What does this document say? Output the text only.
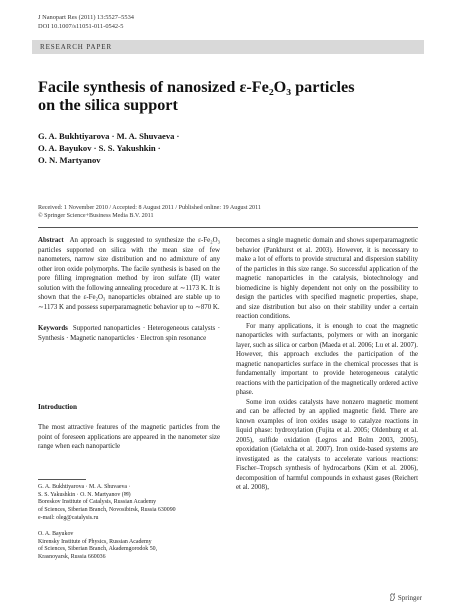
J Nanopart Res (2011) 13:5527–5534
DOI 10.1007/s11051-011-0542-5
RESEARCH PAPER
Facile synthesis of nanosized ε-Fe₂O₃ particles
on the silica support
G. A. Bukhtiyarova · M. A. Shuvaeva ·
O. A. Bayukov · S. S. Yakushkin ·
O. N. Martyanov
Received: 1 November 2010 / Accepted: 8 August 2011 / Published online: 19 August 2011
© Springer Science+Business Media B.V. 2011

Abstract An approach is suggested to synthesize the ε-Fe₂O₃ particles supported on silica with the mean size of few nanometers, narrow size distribution and no admixture of any other iron oxide polymorphs. The facile synthesis is based on the pore filling impregnation method by iron sulfate (II) water solution with the following annealing procedure at ∼1173 K. It is shown that the ε-Fe₂O₃ nanoparticles obtained are stable up to ∼1173 K and possess superparamagnetic behavior up to ∼870 K.

Keywords Supported nanoparticles · Heterogeneous catalysts · Synthesis · Magnetic nanoparticles · Electron spin resonance

Introduction
The most attractive features of the magnetic particles from the point of foreseen applications are appeared in the nanometer size range when each nanoparticle
G. A. Bukhtiyarova · M. A. Shuvaeva ·
S. S. Yakushkin · O. N. Martyanov (✉)
Boreskov Institute of Catalysis, Russian Academy
of Sciences, Siberian Branch, Novosibirsk, Russia 630090
e-mail: oleg@catalysis.ru
O. A. Bayukov
Kirensky Institute of Physics, Russian Academy
of Sciences, Siberian Branch, Akademgorodok 50,
Krasnoyarsk, Russia 660036

becomes a single magnetic domain and shows superparamagnetic behavior (Pankhurst et al. 2003). However, it is necessary to make a lot of efforts to provide structural and dispersion stability of the particles in this size range. So successful application of the magnetic nanoparticles in the catalysis, biotechnology and biomedicine is highly dependent not only on the possibility to design the particles with specified magnetic properties, shape, and size distribution but also on their stability under a certain reaction conditions.

For many applications, it is enough to coat the magnetic nanoparticles with surfactants, polymers or with an inorganic layer, such as silica or carbon (Maeda et al. 2006; Lu et al. 2007). However, this approach excludes the participation of the magnetic nanoparticles surface in the chemical processes that is fundamentally important to provide heterogeneous catalytic reactions with the participation of the magnetically ordered active phase.

Some iron oxides catalysts have nonzero magnetic moment and can be affected by an applied magnetic field. There are known examples of iron oxides usage to catalyze reactions in liquid phase: hydroxylation (Fujita et al. 2005; Oldenburg et al. 2005), sulfide oxidation (Legros and Bolm 2003, 2005), epoxidation (Gelalcha et al. 2007). Iron oxide-based systems are investigated as the catalysts to accelerate various reactions: Fischer–Tropsch synthesis of hydrocarbons (Kim et al. 2006), decomposition of harmful compounds in exhaust gases (Reichert et al. 2008),

Springer
